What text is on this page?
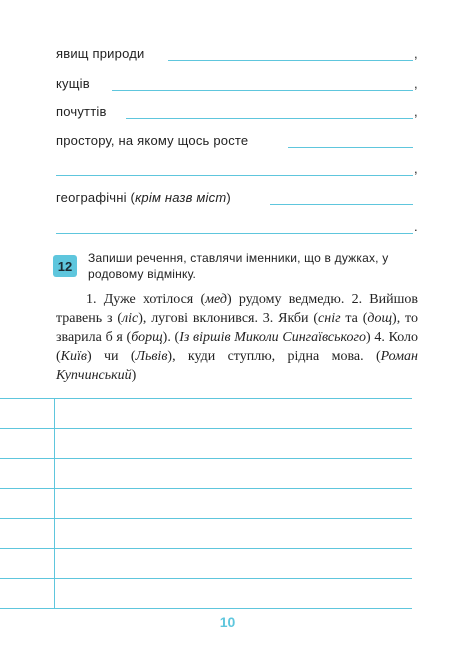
явищ природи	,
кущів	,
почуттів	,
простору, на якому щось росте
,
географічні (крім назв міст)
.
12
Запиши речення, ставлячи іменники, що в дужках, у родовому відмінку.

1. Дуже хотілося (мед) рудому ведмедю. 2. Вийшов травень з (ліс), лугові вклонився. 3. Якби (сніг та (дощ), то зварила б я (борщ). (Із віршів Миколи Сингаївського) 4. Коло (Київ) чи (Львів), куди ступлю, рідна мова. (Роман Купчинський)

10
